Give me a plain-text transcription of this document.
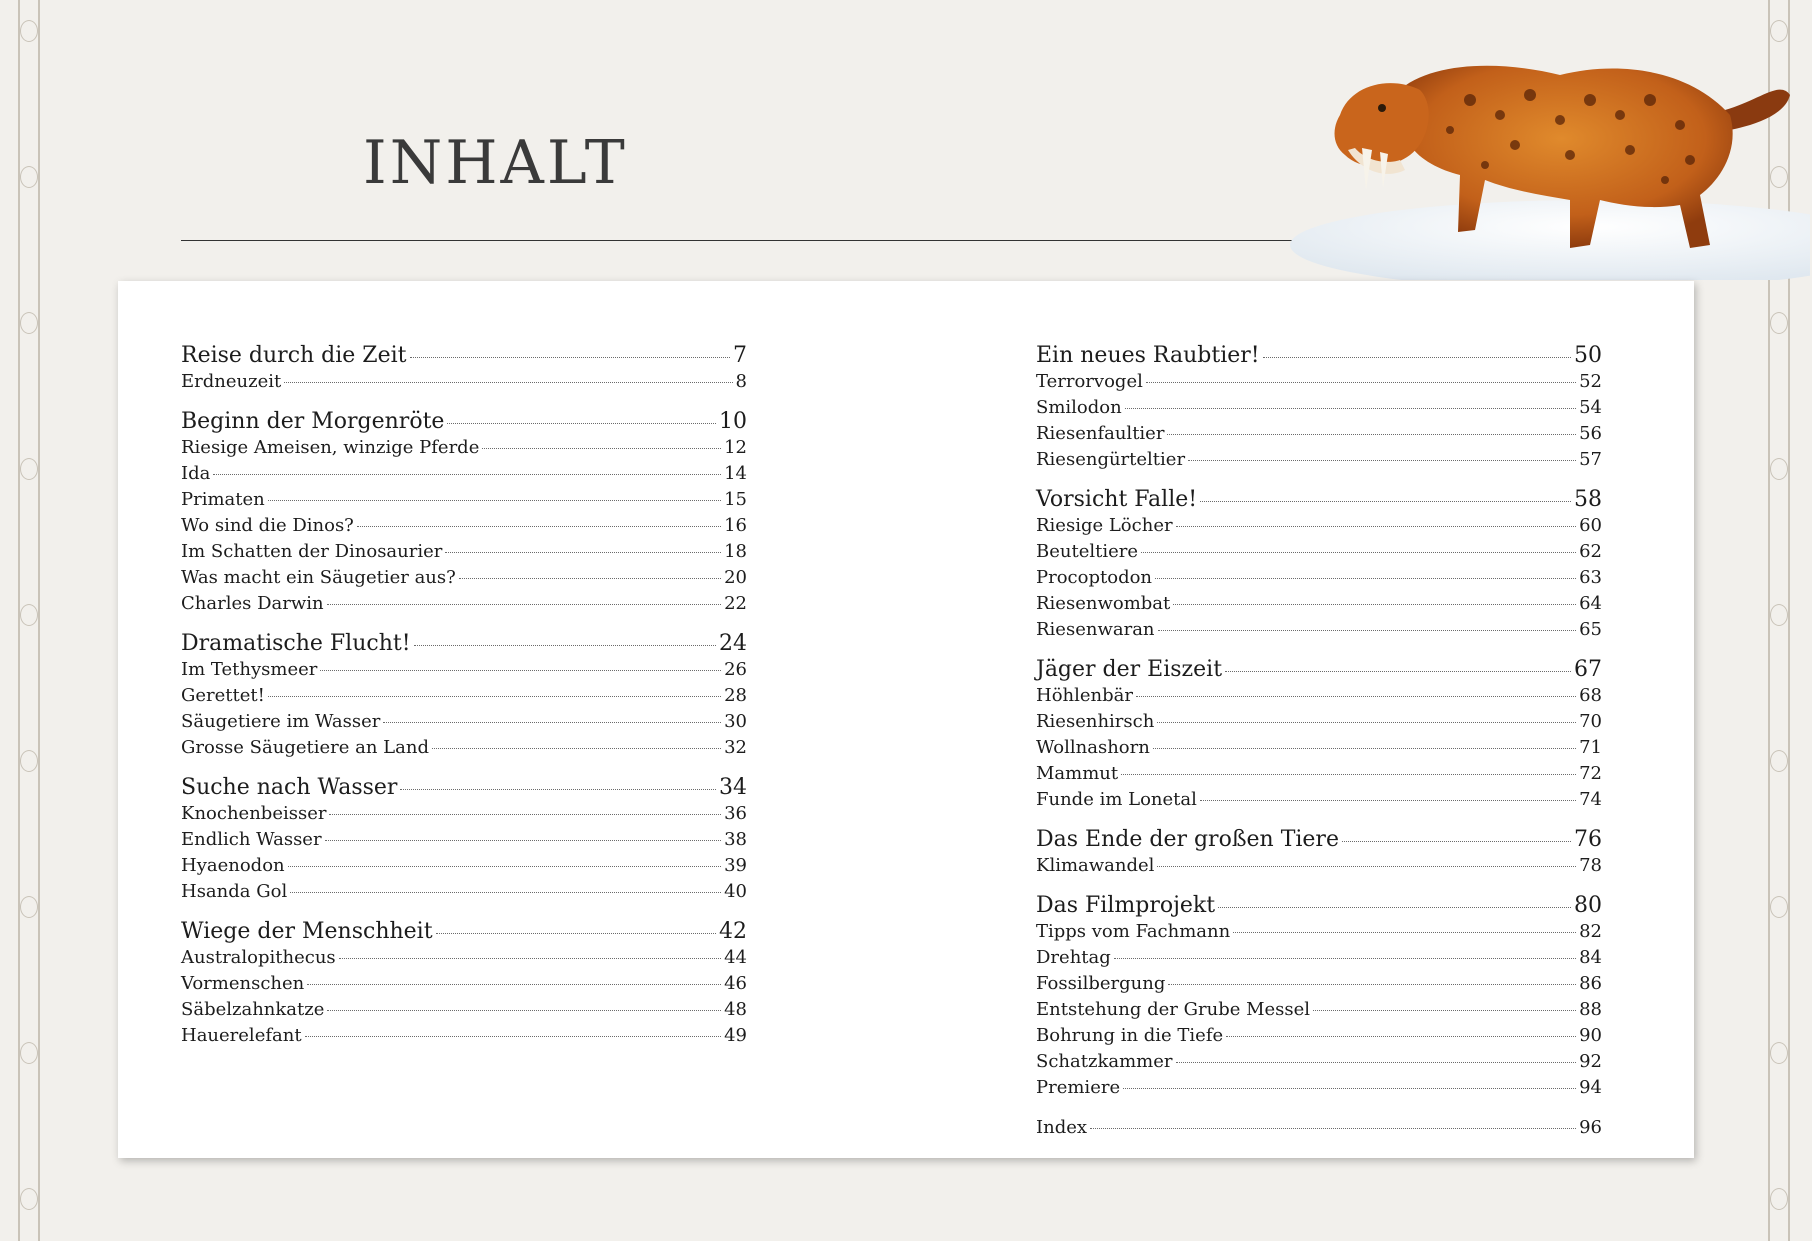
INHALT
Reise durch die Zeit	7
Erdneuzeit	8
Beginn der Morgenröte	10
Riesige Ameisen, winzige Pferde	12
Ida	14
Primaten	15
Wo sind die Dinos?	16
Im Schatten der Dinosaurier	18
Was macht ein Säugetier aus?	20
Charles Darwin	22
Dramatische Flucht!	24
Im Tethysmeer	26
Gerettet!	28
Säugetiere im Wasser	30
Grosse Säugetiere an Land	32
Suche nach Wasser	34
Knochenbeisser	36
Endlich Wasser	38
Hyaenodon	39
Hsanda Gol	40
Wiege der Menschheit	42
Australopithecus	44
Vormenschen	46
Säbelzahnkatze	48
Hauerelefant	49
Ein neues Raubtier!	50
Terrorvogel	52
Smilodon	54
Riesenfaultier	56
Riesengürteltier	57
Vorsicht Falle!	58
Riesige Löcher	60
Beuteltiere	62
Procoptodon	63
Riesenwombat	64
Riesenwaran	65
Jäger der Eiszeit	67
Höhlenbär	68
Riesenhirsch	70
Wollnashorn	71
Mammut	72
Funde im Lonetal	74
Das Ende der großen Tiere	76
Klimawandel	78
Das Filmprojekt	80
Tipps vom Fachmann	82
Drehtag	84
Fossilbergung	86
Entstehung der Grube Messel	88
Bohrung in die Tiefe	90
Schatzkammer	92
Premiere	94
Index	96
